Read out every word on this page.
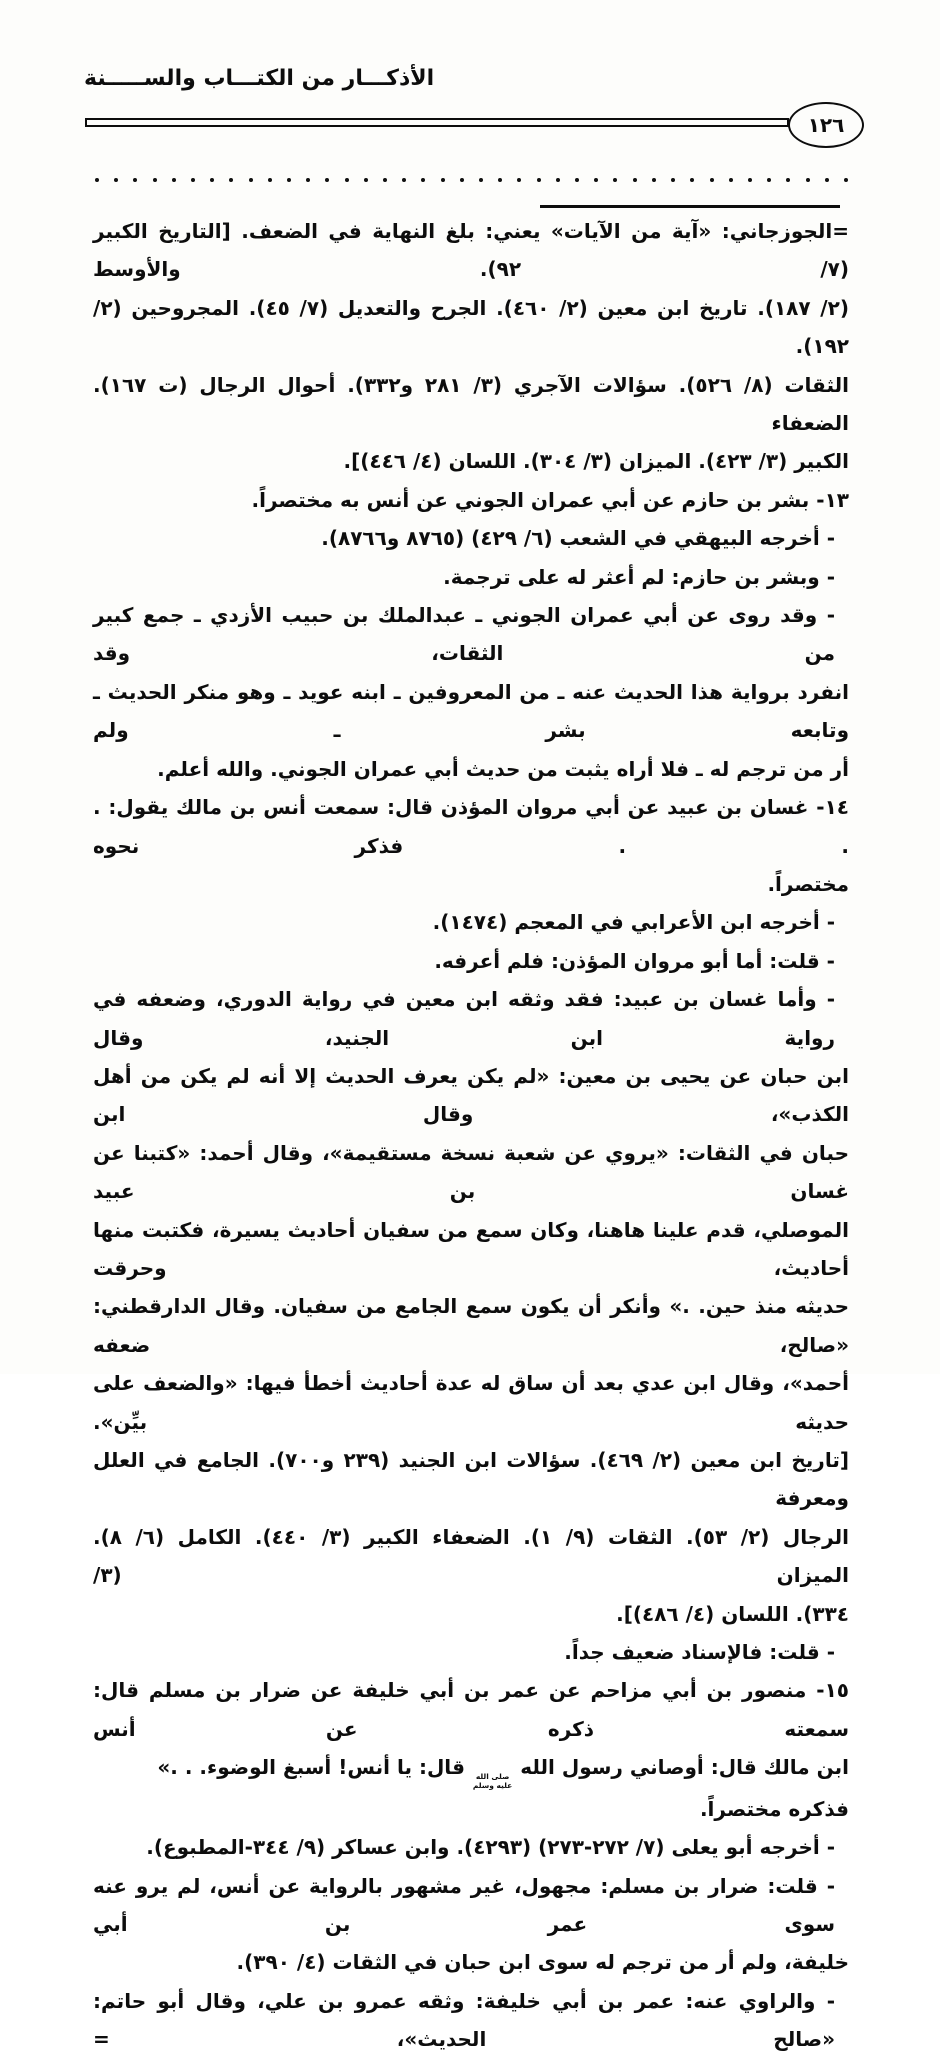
الأذكـــار من الكتـــاب والســـــنة
١٢٦
=الجوزجاني: «آية من الآيات» يعني: بلغ النهاية في الضعف. [التاريخ الكبير (٧/ ٩٢). والأوسط
(٢/ ١٨٧). تاريخ ابن معين (٢/ ٤٦٠). الجرح والتعديل (٧/ ٤٥). المجروحين (٢/ ١٩٢).
الثقات (٨/ ٥٢٦). سؤالات الآجري (٣/ ٢٨١ و٣٣٢). أحوال الرجال (ت ١٦٧). الضعفاء
الكبير (٣/ ٤٢٣). الميزان (٣/ ٣٠٤). اللسان (٤/ ٤٤٦)].
١٣- بشر بن حازم عن أبي عمران الجوني عن أنس به مختصراً.
- أخرجه البيهقي في الشعب (٦/ ٤٢٩) (٨٧٦٥ و٨٧٦٦).
- وبشر بن حازم: لم أعثر له على ترجمة.
- وقد روى عن أبي عمران الجوني ـ عبدالملك بن حبيب الأزدي ـ جمع كبير من الثقات، وقد
انفرد برواية هذا الحديث عنه ـ من المعروفين ـ ابنه عويد ـ وهو منكر الحديث ـ وتابعه بشر ـ ولم
أر من ترجم له ـ فلا أراه يثبت من حديث أبي عمران الجوني. والله أعلم.
١٤- غسان بن عبيد عن أبي مروان المؤذن قال: سمعت أنس بن مالك يقول: . . . فذكر نحوه
مختصراً.
- أخرجه ابن الأعرابي في المعجم (١٤٧٤).
- قلت: أما أبو مروان المؤذن: فلم أعرفه.
- وأما غسان بن عبيد: فقد وثقه ابن معين في رواية الدوري، وضعفه في رواية ابن الجنيد، وقال
ابن حبان عن يحيى بن معين: «لم يكن يعرف الحديث إلا أنه لم يكن من أهل الكذب»، وقال ابن
حبان في الثقات: «يروي عن شعبة نسخة مستقيمة»، وقال أحمد: «كتبنا عن غسان بن عبيد
الموصلي، قدم علينا هاهنا، وكان سمع من سفيان أحاديث يسيرة، فكتبت منها أحاديث، وحرقت
حديثه منذ حين. .» وأنكر أن يكون سمع الجامع من سفيان. وقال الدارقطني: «صالح، ضعفه
أحمد»، وقال ابن عدي بعد أن ساق له عدة أحاديث أخطأ فيها: «والضعف على حديثه بيِّن».
[تاريخ ابن معين (٢/ ٤٦٩). سؤالات ابن الجنيد (٢٣٩ و٧٠٠). الجامع في العلل ومعرفة
الرجال (٢/ ٥٣). الثقات (٩/ ١). الضعفاء الكبير (٣/ ٤٤٠). الكامل (٦/ ٨). الميزان (٣/
٣٣٤). اللسان (٤/ ٤٨٦)].
- قلت: فالإسناد ضعيف جداً.
١٥- منصور بن أبي مزاحم عن عمر بن أبي خليفة عن ضرار بن مسلم قال: سمعته ذكره عن أنس
ابن مالك قال: أوصاني رسول الله
صلى الله
عليه وسلم
قال: يا أنس! أسبغ الوضوء. . .» فذكره مختصراً.
- أخرجه أبو يعلى (٧/ ٢٧٢-٢٧٣) (٤٢٩٣). وابن عساكر (٩/ ٣٤٤-المطبوع).
- قلت: ضرار بن مسلم: مجهول، غير مشهور بالرواية عن أنس، لم يرو عنه سوى عمر بن أبي
خليفة، ولم أر من ترجم له سوى ابن حبان في الثقات (٤/ ٣٩٠).
- والراوي عنه: عمر بن أبي خليفة: وثقه عمرو بن علي، وقال أبو حاتم: «صالح الحديث»، =
